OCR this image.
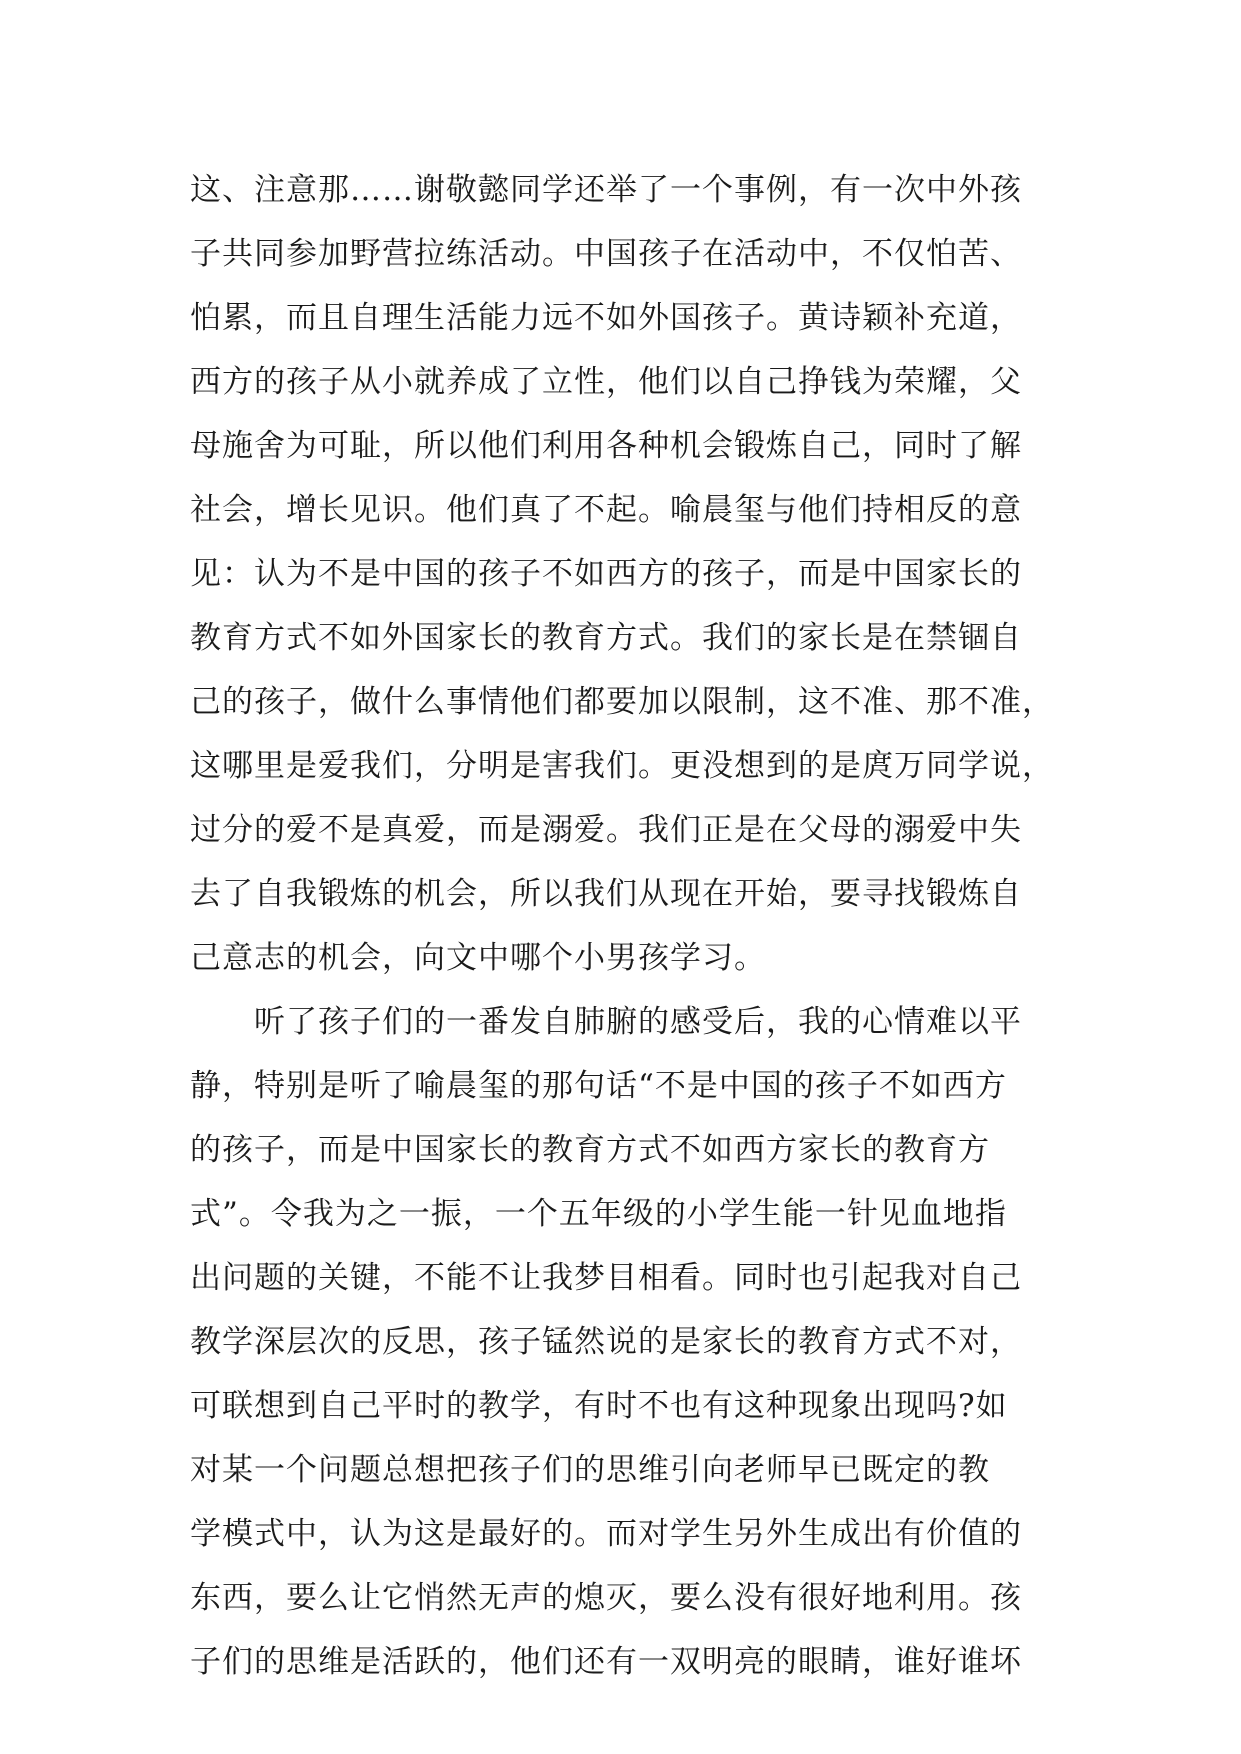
这、注意那……谢敬懿同学还举了一个事例，有一次中外孩
子共同参加野营拉练活动。中国孩子在活动中，不仅怕苦、
怕累，而且自理生活能力远不如外国孩子。黄诗颖补充道，
西方的孩子从小就养成了立性，他们以自己挣钱为荣耀，父
母施舍为可耻，所以他们利用各种机会锻炼自己，同时了解
社会，增长见识。他们真了不起。喻晨玺与他们持相反的意
见：认为不是中国的孩子不如西方的孩子，而是中国家长的
教育方式不如外国家长的教育方式。我们的家长是在禁锢自
己的孩子，做什么事情他们都要加以限制，这不准、那不准，
这哪里是爱我们，分明是害我们。更没想到的是庹万同学说，
过分的爱不是真爱，而是溺爱。我们正是在父母的溺爱中失
去了自我锻炼的机会，所以我们从现在开始，要寻找锻炼自
己意志的机会，向文中哪个小男孩学习。
　　听了孩子们的一番发自肺腑的感受后，我的心情难以平
静，特别是听了喻晨玺的那句话“不是中国的孩子不如西方
的孩子，而是中国家长的教育方式不如西方家长的教育方
式”。令我为之一振，一个五年级的小学生能一针见血地指
出问题的关键，不能不让我梦目相看。同时也引起我对自己
教学深层次的反思，孩子锰然说的是家长的教育方式不对，
可联想到自己平时的教学，有时不也有这种现象出现吗?如
对某一个问题总想把孩子们的思维引向老师早已既定的教
学模式中，认为这是最好的。而对学生另外生成出有价值的
东西，要么让它悄然无声的熄灭，要么没有很好地利用。孩
子们的思维是活跃的，他们还有一双明亮的眼睛，谁好谁坏
